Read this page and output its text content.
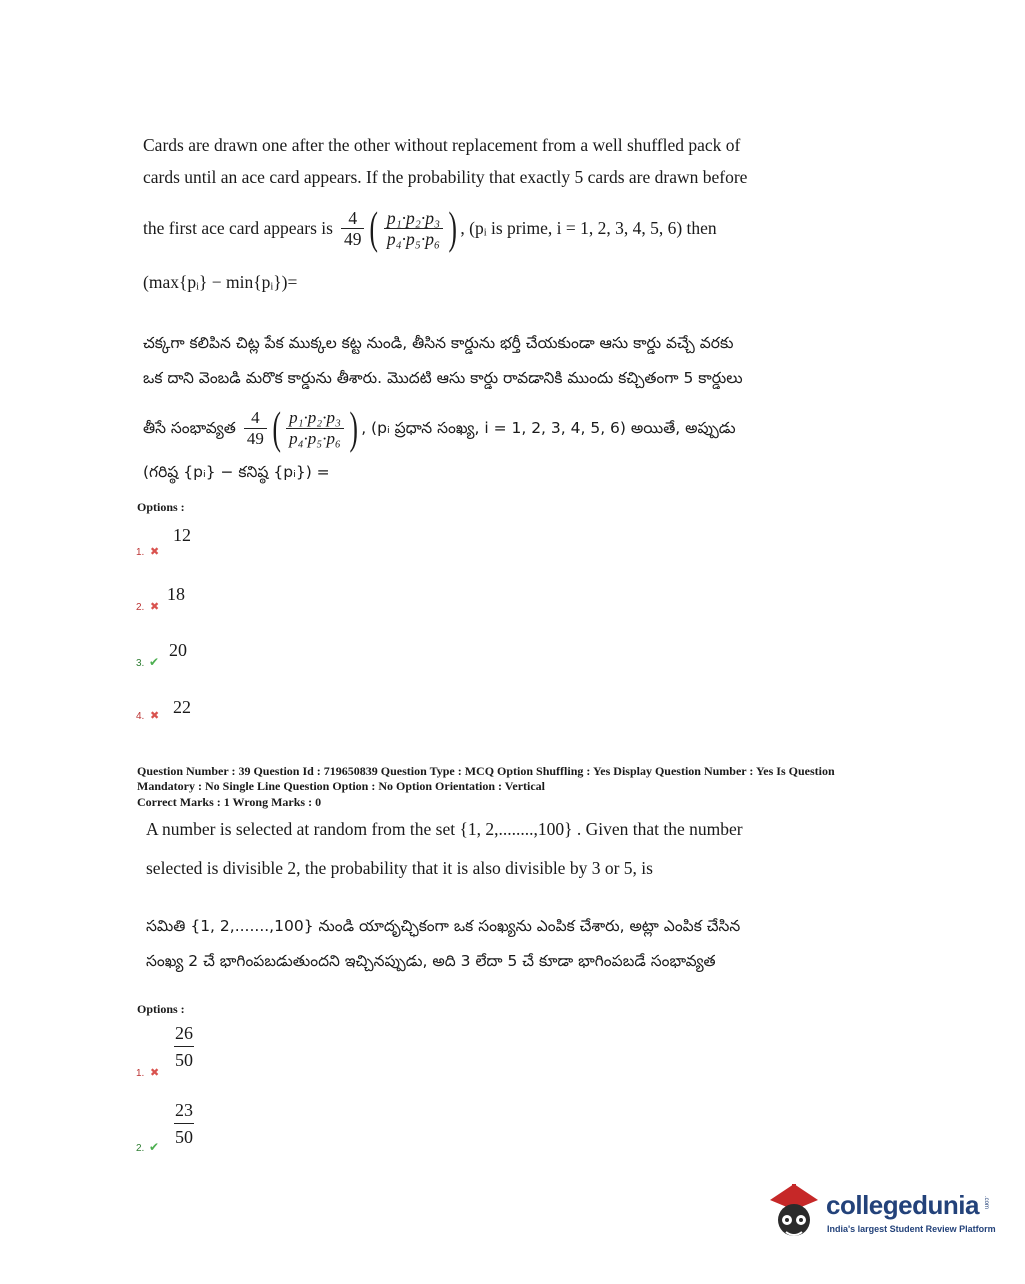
Cards are drawn one after the other without replacement from a well shuffled pack of
cards until an ace card appears. If the probability that exactly 5 cards are drawn before
the first ace card appears is $\frac{4}{49}$ ( $\frac{\text{p₁·p₂·p₃}}{\text{p₄·p₅·p₆}}$ ) , (pᵢ is prime, i = 1, 2, 3, 4, 5, 6) then
(max{pᵢ} − min{pᵢ})=
చక్కగా కలిపిన చిట్ల పేక ముక్కల కట్ట నుండి, తీసిన కార్డును భర్తీ చేయకుండా ఆసు కార్డు వచ్చే వరకు
ఒక దాని వెంబడి మరొక కార్డును తీశారు. మొదటి ఆసు కార్డు రావడానికి ముందు కచ్చితంగా 5 కార్డులు
తీసే సంభావ్యత $\frac{4}{49}$ ( $\frac{\text{p₁·p₂·p₃}}{\text{p₄·p₅·p₆}}$ ) , (pᵢ ప్రధాన సంఖ్య, i = 1, 2, 3, 4, 5, 6) అయితే, అప్పుడు
(గరిష్ఠ {pᵢ} − కనిష్ఠ {pᵢ}) =
Options :
12
1. ✖
18
2. ✖
20
3. ✔
22
4. ✖
Question Number : 39 Question Id : 719650839 Question Type : MCQ Option Shuffling : Yes Display Question Number : Yes Is Question
Mandatory : No Single Line Question Option : No Option Orientation : Vertical
Correct Marks : 1 Wrong Marks : 0
A number is selected at random from the set {1, 2,........,100} . Given that the number
selected is divisible 2, the probability that it is also divisible by 3 or 5, is
సమితి {1, 2,.......,100} నుండి యాదృచ్ఛికంగా ఒక సంఖ్యను ఎంపిక చేశారు, అట్లా ఎంపిక చేసిన
సంఖ్య 2 చే భాగింపబడుతుందని ఇచ్చినప్పుడు, అది 3 లేదా 5 చే కూడా భాగింపబడే సంభావ్యత
Options :
$\frac{26}{50}$
1. ✖
$\frac{23}{50}$
2. ✔
collegedunia .com
India's largest Student Review Platform
